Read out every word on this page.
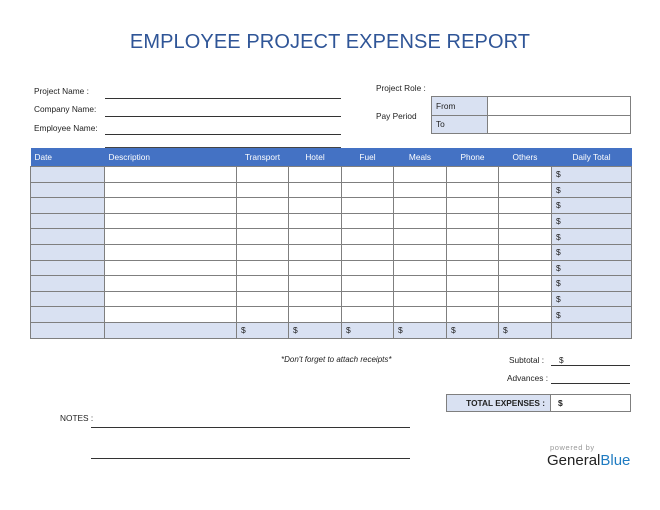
EMPLOYEE PROJECT EXPENSE REPORT
Project Name :
Company Name:
Employee Name:
Project Role :
Pay Period
From
To
Date	Description	Transport	Hotel	Fuel	Meals	Phone	Others	Daily Total
								$
								$
								$
								$
								$
								$
								$
								$
								$
								$
		$	$	$	$	$	$	
*Don't forget to attach receipts*	Subtotal : $
Advances :
TOTAL EXPENSES :	$
NOTES :
powered by
GeneralBlue
